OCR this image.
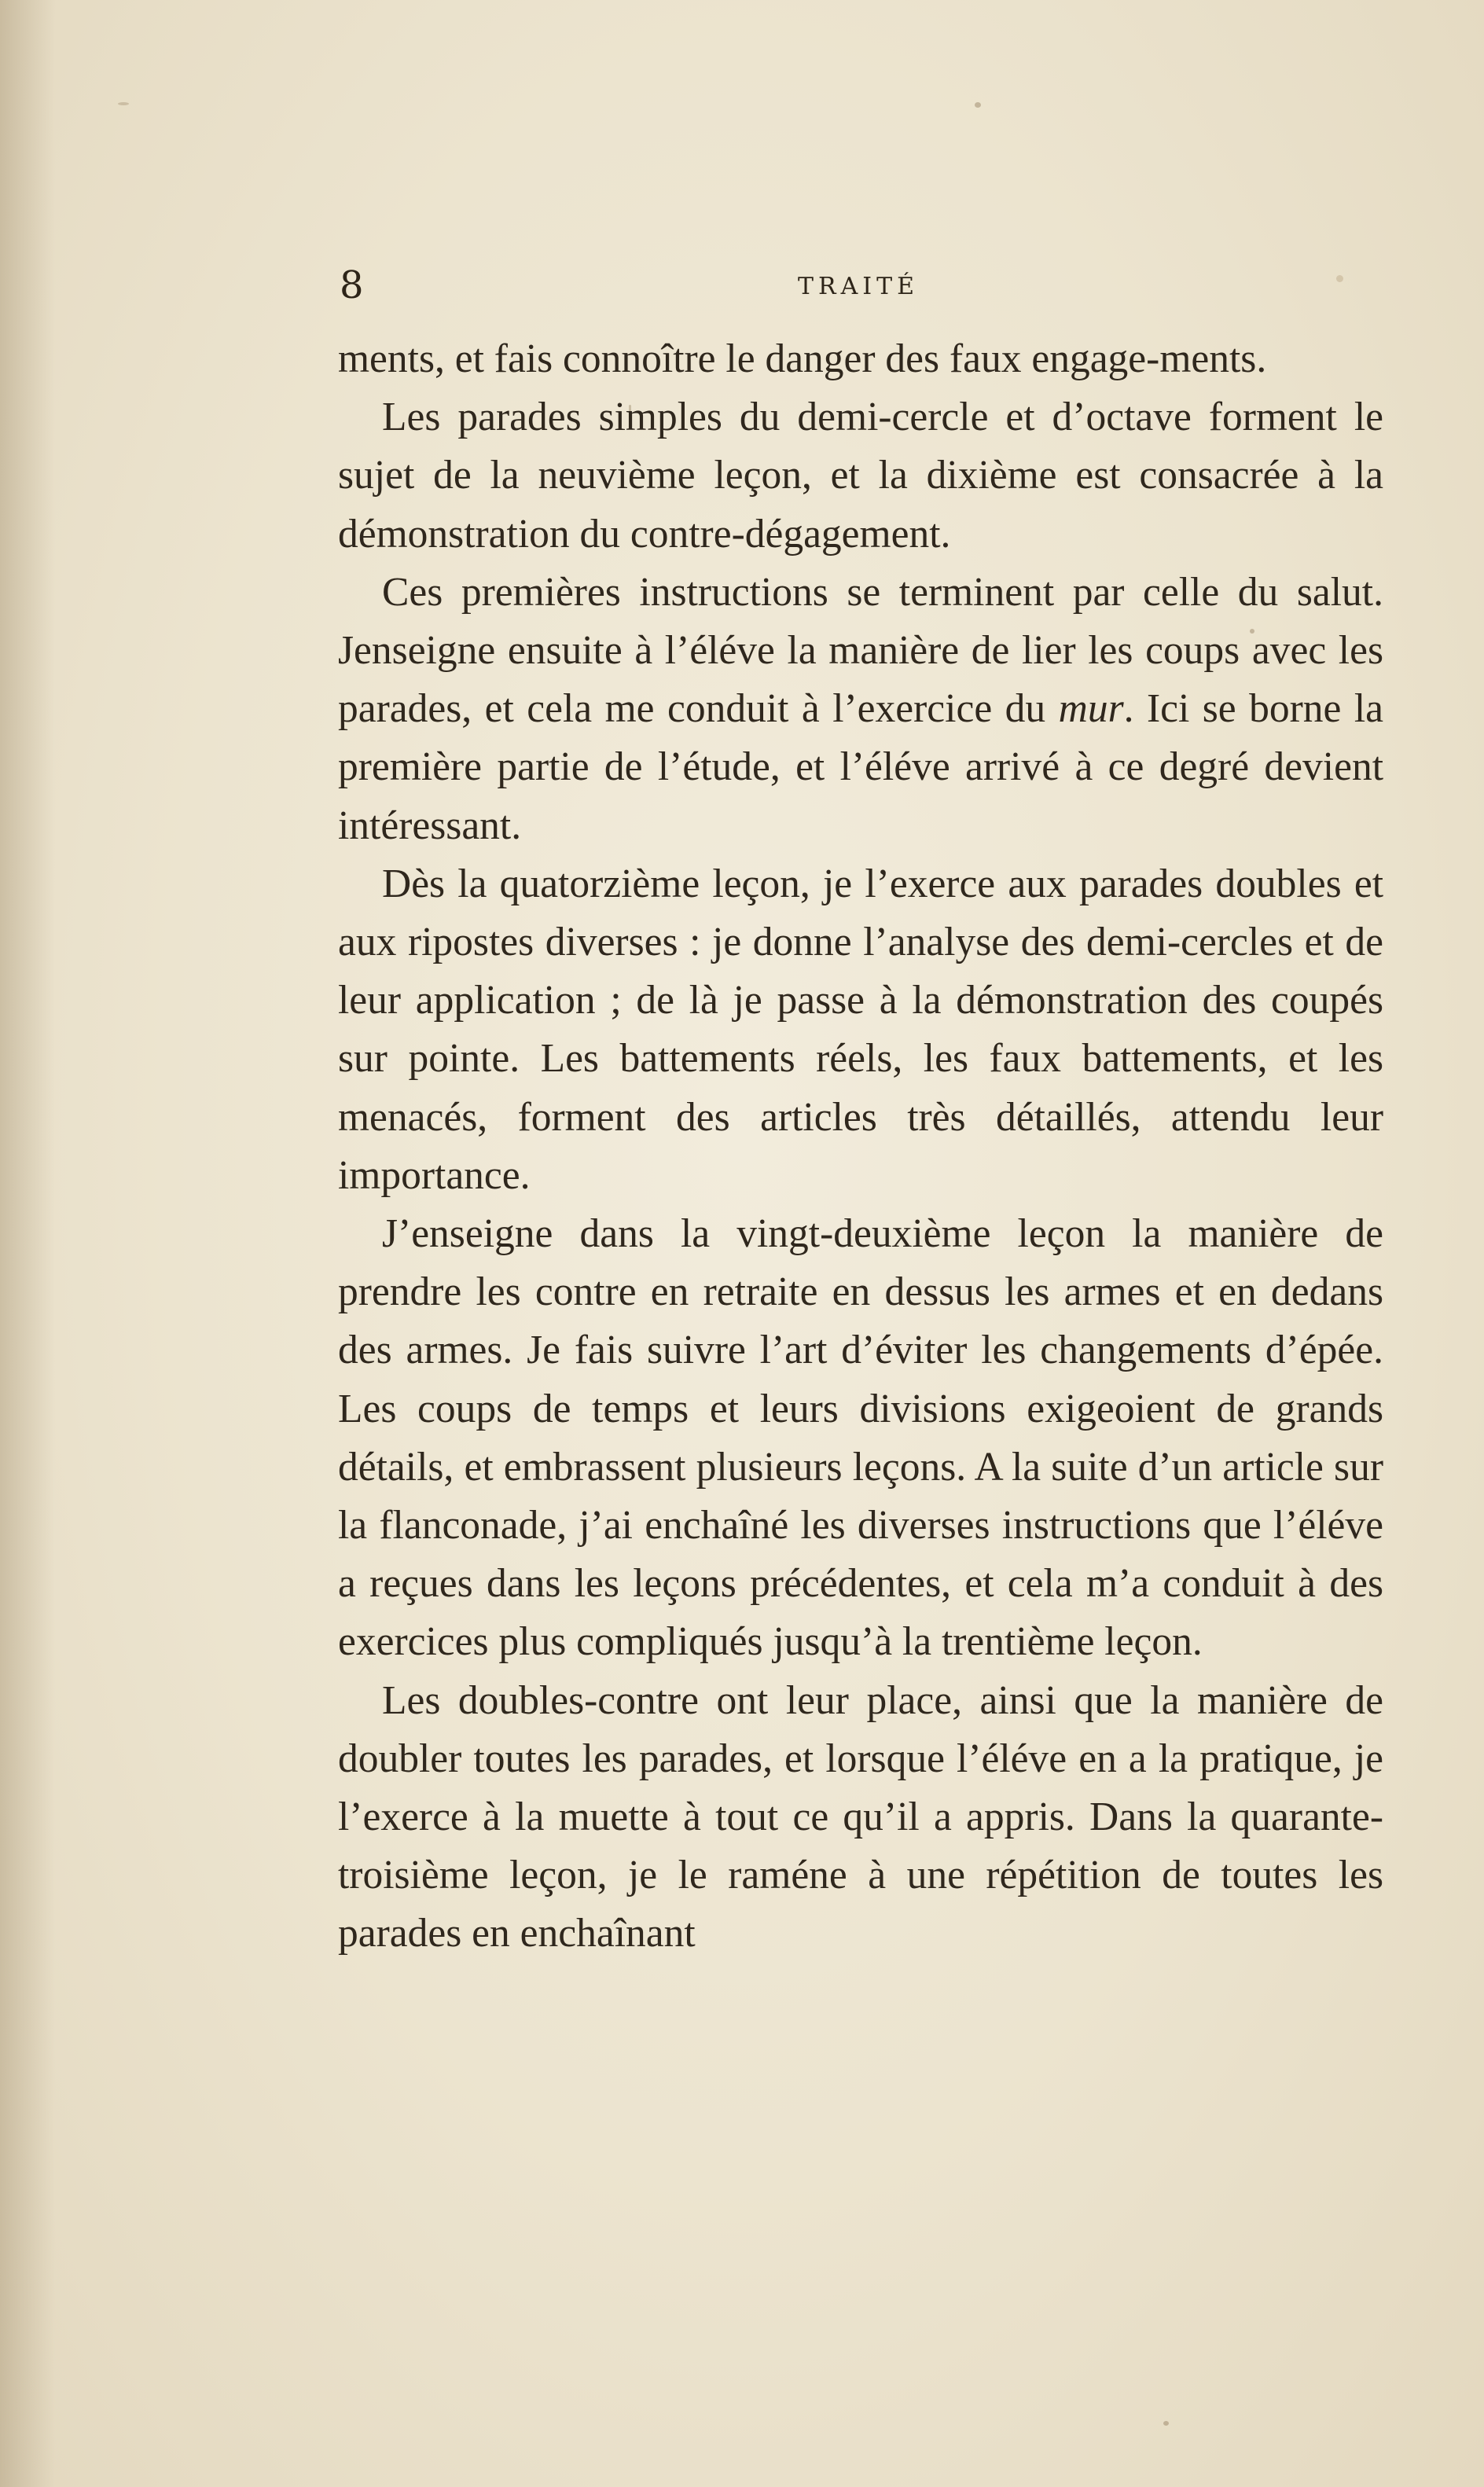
8	TRAITÉ

ments, et fais connoître le danger des faux engage-ments.

Les parades simples du demi-cercle et d’octave forment le sujet de la neuvième leçon, et la dixième est consacrée à la démonstration du contre-dégagement.

Ces premières instructions se terminent par celle du salut. Jenseigne ensuite à l’éléve la manière de lier les coups avec les parades, et cela me conduit à l’exercice du mur. Ici se borne la première partie de l’étude, et l’éléve arrivé à ce degré devient intéressant.

Dès la quatorzième leçon, je l’exerce aux parades doubles et aux ripostes diverses : je donne l’analyse des demi-cercles et de leur application ; de là je passe à la démonstration des coupés sur pointe. Les battements réels, les faux battements, et les menacés, forment des articles très détaillés, attendu leur importance.

J’enseigne dans la vingt-deuxième leçon la manière de prendre les contre en retraite en dessus les armes et en dedans des armes. Je fais suivre l’art d’éviter les changements d’épée. Les coups de temps et leurs divisions exigeoient de grands détails, et embrassent plusieurs leçons. A la suite d’un article sur la flanconade, j’ai enchaîné les diverses instructions que l’éléve a reçues dans les leçons précédentes, et cela m’a conduit à des exercices plus compliqués jusqu’à la trentième leçon.

Les doubles-contre ont leur place, ainsi que la manière de doubler toutes les parades, et lorsque l’éléve en a la pratique, je l’exerce à la muette à tout ce qu’il a appris. Dans la quarante-troisième leçon, je le raméne à une répétition de toutes les parades en enchaînant
